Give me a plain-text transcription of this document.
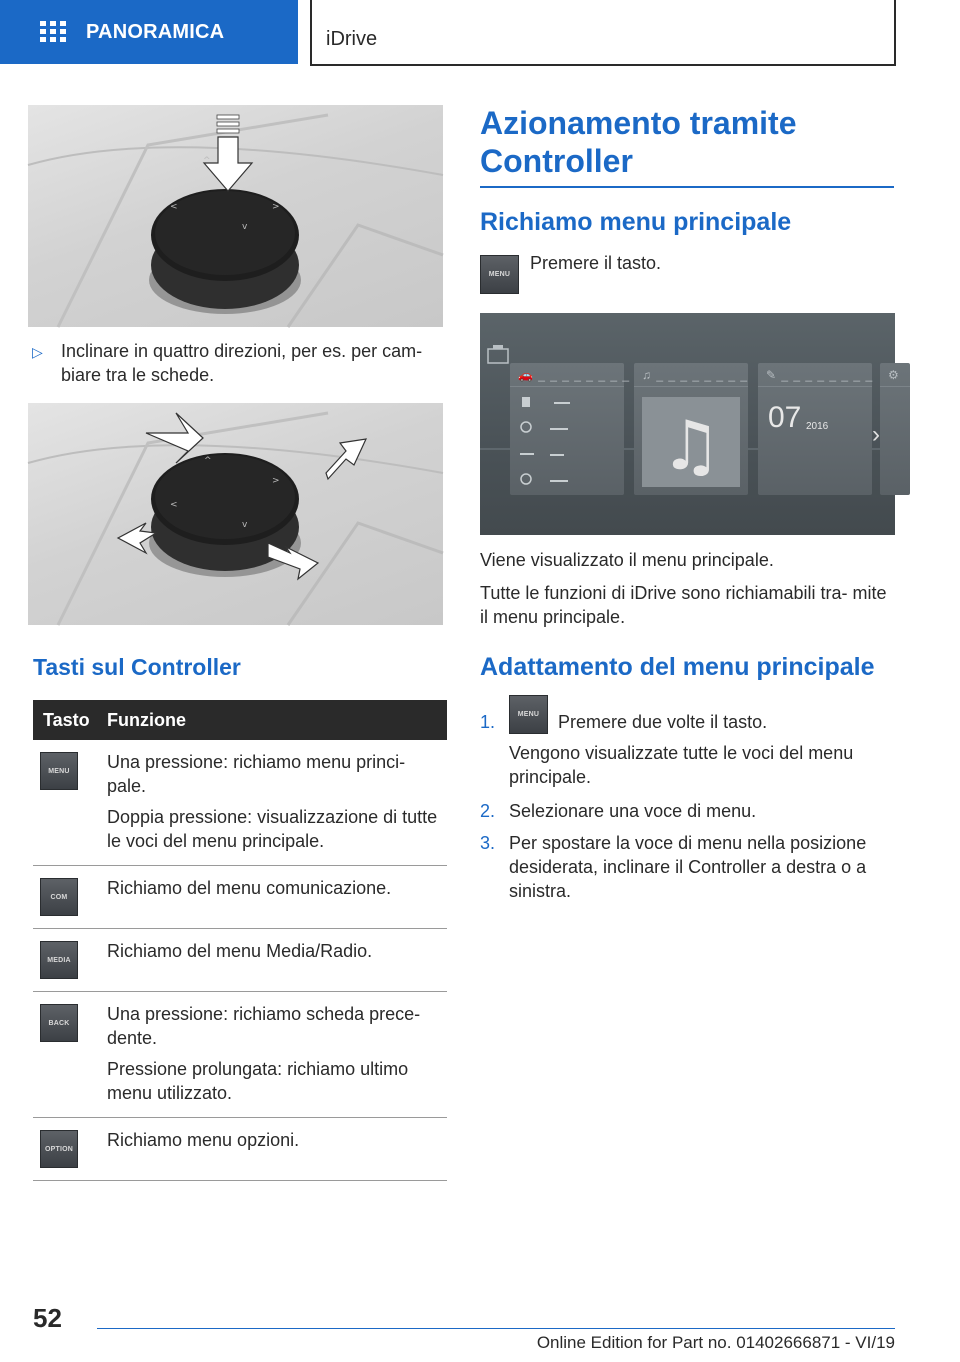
PANORAMICA	iDrive
^
<	>
v
▷ Inclinare in quattro direzioni, per es. per cam‐ biare tra le schede.
^
<
>
v
Tasti sul Controller
Tasto Funzione
MENU	Una pressione: richiamo menu princi‐ pale.

Doppia pressione: visualizzazione di tutte le voci del menu principale.

COM	Richiamo del menu comunicazione.

MEDIA	Richiamo del menu Media/Radio.

BACK	Una pressione: richiamo scheda prece‐ dente.

Pressione prolungata: richiamo ultimo menu utilizzato.

OPTION Richiamo menu opzioni.

Azionamento tramite Controller
Richiamo menu principale
MENU
Premere il tasto.
🚗 _ _ _ _ _ _ _ _ ♫ _ _ _ _ _ _ _ _
♫
✎ _ _ _ _ _ _ _ _
07 2016
⚙
›
Viene visualizzato il menu principale.
Tutte le funzioni di iDrive sono richiamabili tra‐ mite il menu principale.
Adattamento del menu principale
1.	MENU	Premere due volte il tasto.

Vengono visualizzate tutte le voci del menu principale.

2. Selezionare una voce di menu.
3. Per spostare la voce di menu nella posizione desiderata, inclinare il Controller a destra o a sinistra.
52
Online Edition for Part no. 01402666871 - VI/19
